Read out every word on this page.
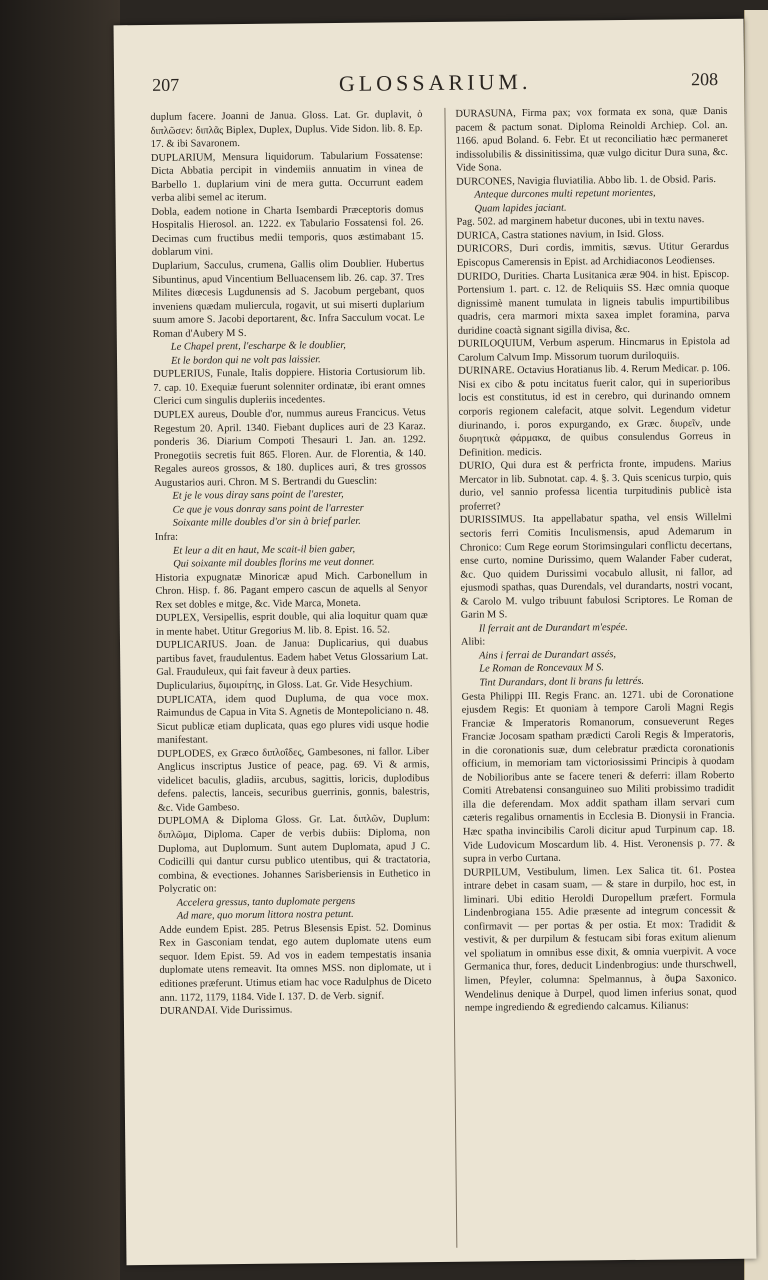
207	GLOSSARIUM.	208

duplum facere. Joanni de Janua. Gloss. Lat. Gr. duplavit, ὁ διπλῶσεν: διπλᾶς Biplex, Duplex, Duplus. Vide Sidon. lib. 8. Ep. 17. & ibi Savaronem.

DUPLARIUM, Mensura liquidorum. Tabularium Fossatense: Dicta Abbatia percipit in vindemiis annuatim in vinea de Barbello 1. duplarium vini de mera gutta. Occurrunt eadem verba alibi semel ac iterum.

Dobla, eadem notione in Charta Isembardi Præceptoris domus Hospitalis Hierosol. an. 1222. ex Tabulario Fossatensi fol. 26. Decimas cum fructibus medii temporis, quos æstimabant 15. doblarum vini.

Duplarium, Sacculus, crumena, Gallis olim Doublier. Hubertus Sibuntinus, apud Vincentium Belluacensem lib. 26. cap. 37. Tres Milites diœcesis Lugdunensis ad S. Jacobum pergebant, quos inveniens quædam muliercula, rogavit, ut sui miserti duplarium suum amore S. Jacobi deportarent, &c. Infra Sacculum vocat. Le Roman d'Aubery M S.

Le Chapel prent, l'escharpe & le doublier,

Et le bordon qui ne volt pas laissier.

DUPLERIUS, Funale, Italis doppiere. Historia Cortusiorum lib. 7. cap. 10. Exequiæ fuerunt solenniter ordinatæ, ibi erant omnes Clerici cum singulis dupleriis incedentes.

DUPLEX aureus, Double d'or, nummus aureus Francicus. Vetus Regestum 20. April. 1340. Fiebant duplices auri de 23 Karaz. ponderis 36. Diarium Compoti Thesauri 1. Jan. an. 1292. Pronegotiis secretis fuit 865. Floren. Aur. de Florentia, & 140. Regales aureos grossos, & 180. duplices auri, & tres grossos Augustarios auri. Chron. M S. Bertrandi du Guesclin:

Et je le vous diray sans point de l'arester,

Ce que je vous donray sans point de l'arrester

Soixante mille doubles d'or sin à brief parler.

Infra:

Et leur a dit en haut, Me scait-il bien gaber,

Qui soixante mil doubles florins me veut donner.

Historia expugnatæ Minoricæ apud Mich. Carbonellum in Chron. Hisp. f. 86. Pagant empero cascun de aquells al Senyor Rex set dobles e mitge, &c. Vide Marca, Moneta.

DUPLEX, Versipellis, esprit double, qui alia loquitur quam quæ in mente habet. Utitur Gregorius M. lib. 8. Epist. 16. 52.

DUPLICARIUS. Joan. de Janua: Duplicarius, qui duabus partibus favet, fraudulentus. Eadem habet Vetus Glossarium Lat. Gal. Frauduleux, qui fait faveur à deux parties.

Duplicularius, διμοιρίτης, in Gloss. Lat. Gr. Vide Hesychium.

DUPLICATA, idem quod Dupluma, de qua voce mox. Raimundus de Capua in Vita S. Agnetis de Montepoliciano n. 48. Sicut publicæ etiam duplicata, quas ego plures vidi usque hodie manifestant.

DUPLODES, ex Græco διπλοΐδες, Gambesones, ni fallor. Liber Anglicus inscriptus Justice of peace, pag. 69. Vi & armis, videlicet baculis, gladiis, arcubus, sagittis, loricis, duplodibus defens. palectis, lanceis, securibus guerrinis, gonnis, balestris, &c. Vide Gambeso.

DUPLOMA & Diploma Gloss. Gr. Lat. διπλῶν, Duplum: διπλῶμα, Diploma. Caper de verbis dubiis: Diploma, non Duploma, aut Duplomum. Sunt autem Duplomata, apud J C. Codicilli qui dantur cursu publico utentibus, qui & tractatoria, combina, & evectiones. Johannes Sarisberiensis in Euthetico in Polycratic on:

Accelera gressus, tanto duplomate pergens

Ad mare, quo morum littora nostra petunt.

Adde eundem Epist. 285. Petrus Blesensis Epist. 52. Dominus Rex in Gasconiam tendat, ego autem duplomate utens eum sequor. Idem Epist. 59. Ad vos in eadem tempestatis insania duplomate utens remeavit. Ita omnes MSS. non diplomate, ut i editiones præferunt. Utimus etiam hac voce Radulphus de Diceto ann. 1172, 1179, 1184. Vide I. 137. D. de Verb. signif.

DURANDAI. Vide Durissimus.

DURASUNA, Firma pax; vox formata ex sona, quæ Danis pacem & pactum sonat. Diploma Reinoldi Archiep. Col. an. 1166. apud Boland. 6. Febr. Et ut reconciliatio hæc permaneret indissolubilis & dissinitissima, quæ vulgo dicitur Dura suna, &c. Vide Sona.

DURCONES, Navigia fluviatilia. Abbo lib. 1. de Obsid. Paris.

Anteque durcones multi repetunt morientes,

Quam lapides jaciant.

Pag. 502. ad marginem habetur ducones, ubi in textu naves.

DURICA, Castra stationes navium, in Isid. Gloss.

DURICORS, Duri cordis, immitis, sævus. Utitur Gerardus Episcopus Camerensis in Epist. ad Archidiaconos Leodienses.

DURIDO, Durities. Charta Lusitanica æræ 904. in hist. Episcop. Portensium 1. part. c. 12. de Reliquiis SS. Hæc omnia quoque dignissimè manent tumulata in ligneis tabulis impurtibilibus quadris, cera marmori mixta saxea implet foramina, parva duridine coactà signant sigilla divisa, &c.

DURILOQUIUM, Verbum asperum. Hincmarus in Epistola ad Carolum Calvum Imp. Missorum tuorum duriloquiis.

DURINARE. Octavius Horatianus lib. 4. Rerum Medicar. p. 106. Nisi ex cibo & potu incitatus fuerit calor, qui in superioribus locis est constitutus, id est in cerebro, qui durinando omnem corporis regionem calefacit, atque solvit. Legendum videtur diurinando, i. poros expurgando, ex Græc. διυρεῖν, unde διυρητικὰ φάρμακα, de quibus consulendus Gorreus in Definition. medicis.

DURIO, Qui dura est & perfricta fronte, impudens. Marius Mercator in lib. Subnotat. cap. 4. §. 3. Quis scenicus turpio, quis durio, vel sannio professa licentia turpitudinis publicè ista proferret?

DURISSIMUS. Ita appellabatur spatha, vel ensis Willelmi sectoris ferri Comitis Inculismensis, apud Ademarum in Chronico: Cum Rege eorum Storimsingulari conflictu decertans, ense curto, nomine Durissimo, quem Walander Faber cuderat, &c. Quo quidem Durissimi vocabulo allusit, ni fallor, ad ejusmodi spathas, quas Durendals, vel durandarts, nostri vocant, & Carolo M. vulgo tribuunt fabulosi Scriptores. Le Roman de Garin M S.

Il ferrait ant de Durandart m'espée.

Alibi:

Ains i ferrai de Durandart assés,

Le Roman de Roncevaux M S.

Tint Durandars, dont li brans fu lettrés.

Gesta Philippi III. Regis Franc. an. 1271. ubi de Coronatione ejusdem Regis: Et quoniam à tempore Caroli Magni Regis Franciæ & Imperatoris Romanorum, consueverunt Reges Franciæ Jocosam spatham prædicti Caroli Regis & Imperatoris, in die coronationis suæ, dum celebratur prædicta coronationis officium, in memoriam tam victoriosissimi Principis à quodam de Nobilioribus ante se facere teneri & deferri: illam Roberto Comiti Atrebatensi consanguineo suo Militi probissimo tradidit illa die deferendam. Mox addit spatham illam servari cum cæteris regalibus ornamentis in Ecclesia B. Dionysii in Francia. Hæc spatha invincibilis Caroli dicitur apud Turpinum cap. 18. Vide Ludovicum Moscardum lib. 4. Hist. Veronensis p. 77. & supra in verbo Curtana.

DURPILUM, Vestibulum, limen. Lex Salica tit. 61. Postea intrare debet in casam suam, — & stare in durpilo, hoc est, in liminari. Ubi editio Heroldi Duropellum præfert. Formula Lindenbrogiana 155. Adie præsente ad integrum concessit & confirmavit — per portas & per ostia. Et mox: Tradidit & vestivit, & per durpilum & festucam sibi foras exitum alienum vel spoliatum in omnibus esse dixit, & omnia vuerpivit. A voce Germanica thur, fores, deducit Lindenbrogius: unde thurschwell, limen, Pfeyler, columna: Spelmannus, à ðuꝑa Saxonico. Wendelinus denique à Durpel, quod limen inferius sonat, quod nempe ingrediendo & egrediendo calcamus. Kilianus:
